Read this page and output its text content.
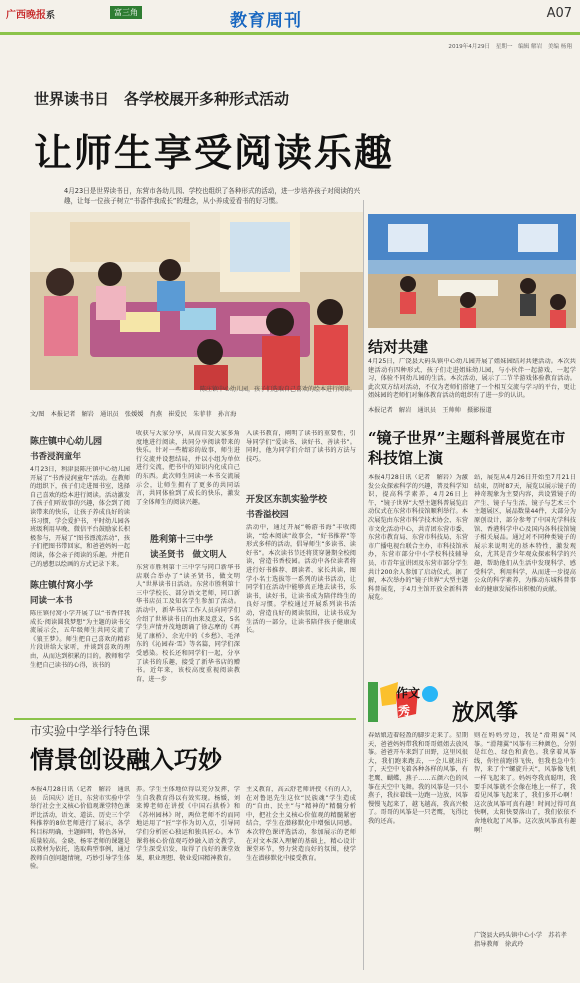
广西晚报系	富三角	教育周刊	A07
2019年4月29日　星期一　编辑 解岩　美编 杨翔
世界读书日　各学校展开多种形式活动
让师生享受阅读乐趣
4月23日是世界读书日，东营市各幼儿园、学校也组织了各种形式的活动，进一步培养孩子对阅读的兴趣，让每一位孩子树立“书香伴我成长”的理念，从小养成爱看书的好习惯。
陈庄镇中心幼儿园，孩子们选取自己喜欢的绘本进行阅读。
文/图　本报记者　解岩　通讯员　张媛媛　肖燕　崔爱民　朱菲菲　孙言海
陈庄镇中心幼儿园
书香浸润童年
4月23日，利津县陈庄镇中心幼儿园开展了“书香浸润童年”活动。在教师的组织下，孩子们走进图书室，选择自己喜欢的绘本进行阅读。活动激发了孩子们听故事的兴趣，体会到了阅读带来的快乐，让孩子养成良好的读书习惯，学会爱护书，平时幼儿园各班级利用早晚、微信平台鼓励家长积极参与，开展了“图书漂流活动”，孩子们把图书带回家，和爸爸妈妈一起阅读，体会亲子阅读的乐趣。并把自己的感想以绘画的方式记录下来。
陈庄镇付窝小学
同读一本书
陈庄镇付窝小学开展了以“书香伴我成长·阅读圆我梦想”为主题的读书交流展示会，五年级师生共同交流了《狼王梦》。师生把自己喜欢的精彩片段讲给大家听，并谈到喜欢的理由，从而达到积累的目的。教师和学生把自己读书的心得，该书的
收获与大家分享，从而自发大家多角度地进行阅读，共同分享阅读带来的快乐。针对一些精彩的故事，师生进行交流并设想结局，并以小组为单位进行交流，把书中的知识内化成自己的东西。此次师生同读一本书交流展示会，让师生拥有了更多的共同话言，共同体验到了成长的快乐，激发了全体师生的阅读兴趣。
胜利第十三中学
读圣贤书　做文明人
东营市胜利第十三中学与同口新华书店联合举办了“读圣贤书，做文明人”世界读书日活动。东营市胜利第十三中学校长、部分语文老师，同口新华书店员工及知名学生参加了活动。活动中，新华书店工作人员向同学们介绍了世界读书日的由来及意义，5名学生声情并茂地朗诵了徐志摩的《再见了康桥》、余光中的《乡愁》、毛泽东的《沁园春·雪》等名篇，同学们深受感染。校长还和同学们一起，分享了读书的乐趣，接受了新华书店的赠书。近年来，该校高度重视阅读教育，进一步
入读书教育，阐明了读书的重要性，引导同学们“爱读书、读好书、善读书”。同时，他为同学们介绍了读书的方法与技巧。
开发区东凯实验学校
书香溢校园
活动中，通过开展“畅游书海”丰收阅读，“绘本阅读”故事会，“好书推荐”等形式多样的活动，倡导师生“多读书、读好书”。本次读书节还将贯穿暑期全校阅读，营造书香校园。活动中各位读者将进行好书推荐、朗读者、家长共读，图学小名士选拔等一系列的读书活动，让同学们在活动中能够真正地去读书，乐读书，读好书，让读书成为陪伴终生的良好习惯。学校通过开展系列读书活动，营造良好的阅读氛围，让读书成为生活的一部分，让读书陪伴孩子健康成长。
结对共建
4月25日，广饶县大码头镇中心幼儿园开展了姐妹园结对共建活动。本次共建活动有四种形式，孩子们走进姐妹幼儿园，与小伙伴一起游戏、一起学习，体验不同幼儿园的生活。本次活动，展示了二节半游戏体验教育活动。此次双方结对活动，不仅为老师们搭建了一个相互交流与学习的平台，更让姐妹园的老师们对集体教育活动的组织有了进一步的认识。
本报记者　解岩　通讯员　王帅帅　摄影报道
“镜子世界”主题科普展览在市科技馆上演
本报4月28日讯（记者　解岩）为激发公众探索科学的兴趣，普及科学知识，提高科学素养，4月26日上午，“镜子世界”大型主题科普展览启动仪式在东营市科技馆顺利举行。本次展览由东营市科学技术协会、东营市文化活动中心，共青团东营市委、东营市教育局、东营市科技局、东营市广播电视台联合主办，市科技馆承办，东营市部分中小学校科技辅导员、市青年宣讲团及东营市部分学生共计200余人参加了启动仪式。据了解，本次举办的“镜子世界”大型主题科普展览，于4月主馆开放全新科普展览。
站，展览从4月26日开始至7月21日结束，历时87天，展览以展示镜子的神奇现象为主要内容，共设置镜子的产生、镜子与生活、镜子与艺术三个主题展区，展品数量44件，大部分为原创设计，部分参考了中国光学科技馆、香港科学中心及国内各科技馆镜子相关展品。通过对不同种类镜子的展示来说明光的基本特性，激发观众，尤其是青少年观众探索科学的兴趣，帮助他们从生活中发现科学、感受科学、利用科学，从而进一步提高公众的科学素养，为推动东城科普事业的健康发展作出积极的贡献。
作文
秀 放风筝
春姑娘迈着轻盈的脚步走来了。星期天，爸爸妈妈带我和哥哥姐姐去放风筝。爸爸开车来到了田野，这里风很大，我们跑来跑去，一会儿就出汗了，天空中飞着各种各样的风筝，有老鹰、蝴蝶、燕子……五颜六色的风筝在天空中飞舞。我的风筝是一只小燕子，我拉着线一边跑一边放，风筝慢慢飞起来了，越飞越高，我高兴极了。哥哥的风筝是一只老鹰，飞得比我的还高。
则在妈妈旁边，我是“滑翔翼”风筝。“滑翔翼”风筝有三种颜色，分别是红色、绿色和黄色。我拿着风筝线，你往前跑得飞快，但我也急中生智，来了个“螺旋升天”，风筝像飞机一样飞起来了。妈妈夸我真聪明，我要手风筝就不会像在地上一样了，我看见风筝飞起来了，我们多开心啊！这次放风筝可真有趣！时间过得可真快啊，太阳快要落山了，我们依依不舍地收起了风筝。这次放风筝真有趣啊！
广饶县大码头镇中心小学　苏若孝　指导教师　徐武玲
市实验中学举行特色课
情景创设融入巧妙
本报4月28日讯（记者　解岩　通讯员　岳国庆）近日，东营市实验中学举行社会主义核心价值观课堂特色课评比活动，语文、道法、历史三个学科推荐的8位老师进行了展示，各学科目标明确，主题鲜明，特色各异，质量较高。金晓、杨零老师的课题是以教材为依托，选取典型事例，通过教师自创问题情境，巧妙引导学生体验。
养。学生主体地位得以充分发挥，学生自我教育得以有效实现。杨媛，刘来博老师在讲授《中国石拱桥》和《苏州园林》时，两位老师不约而同地运用了“匠”字作为切入点，引导同学们分析匠心独运和独具匠心。本节课将核心价值观巧妙融入语文教学，学生深受启发，取得了良好的课堂效果，职业理想、敬业爱国精神教育。
主义教育，高云舒老师讲授《有的人》，在对鲁迅先生这位“民族魂”学生造成的“自由、民主”与“精神的”精髓分析中，把社会主义核心价值观的精髓紧密结合，学生在潜移默化中增强认同感。本次特色课评选活动，参加展示的老师在对文本深入理解的基础上，精心设计课堂环节，努力营造良好的氛围，使学生在潜移默化中接受教育。
